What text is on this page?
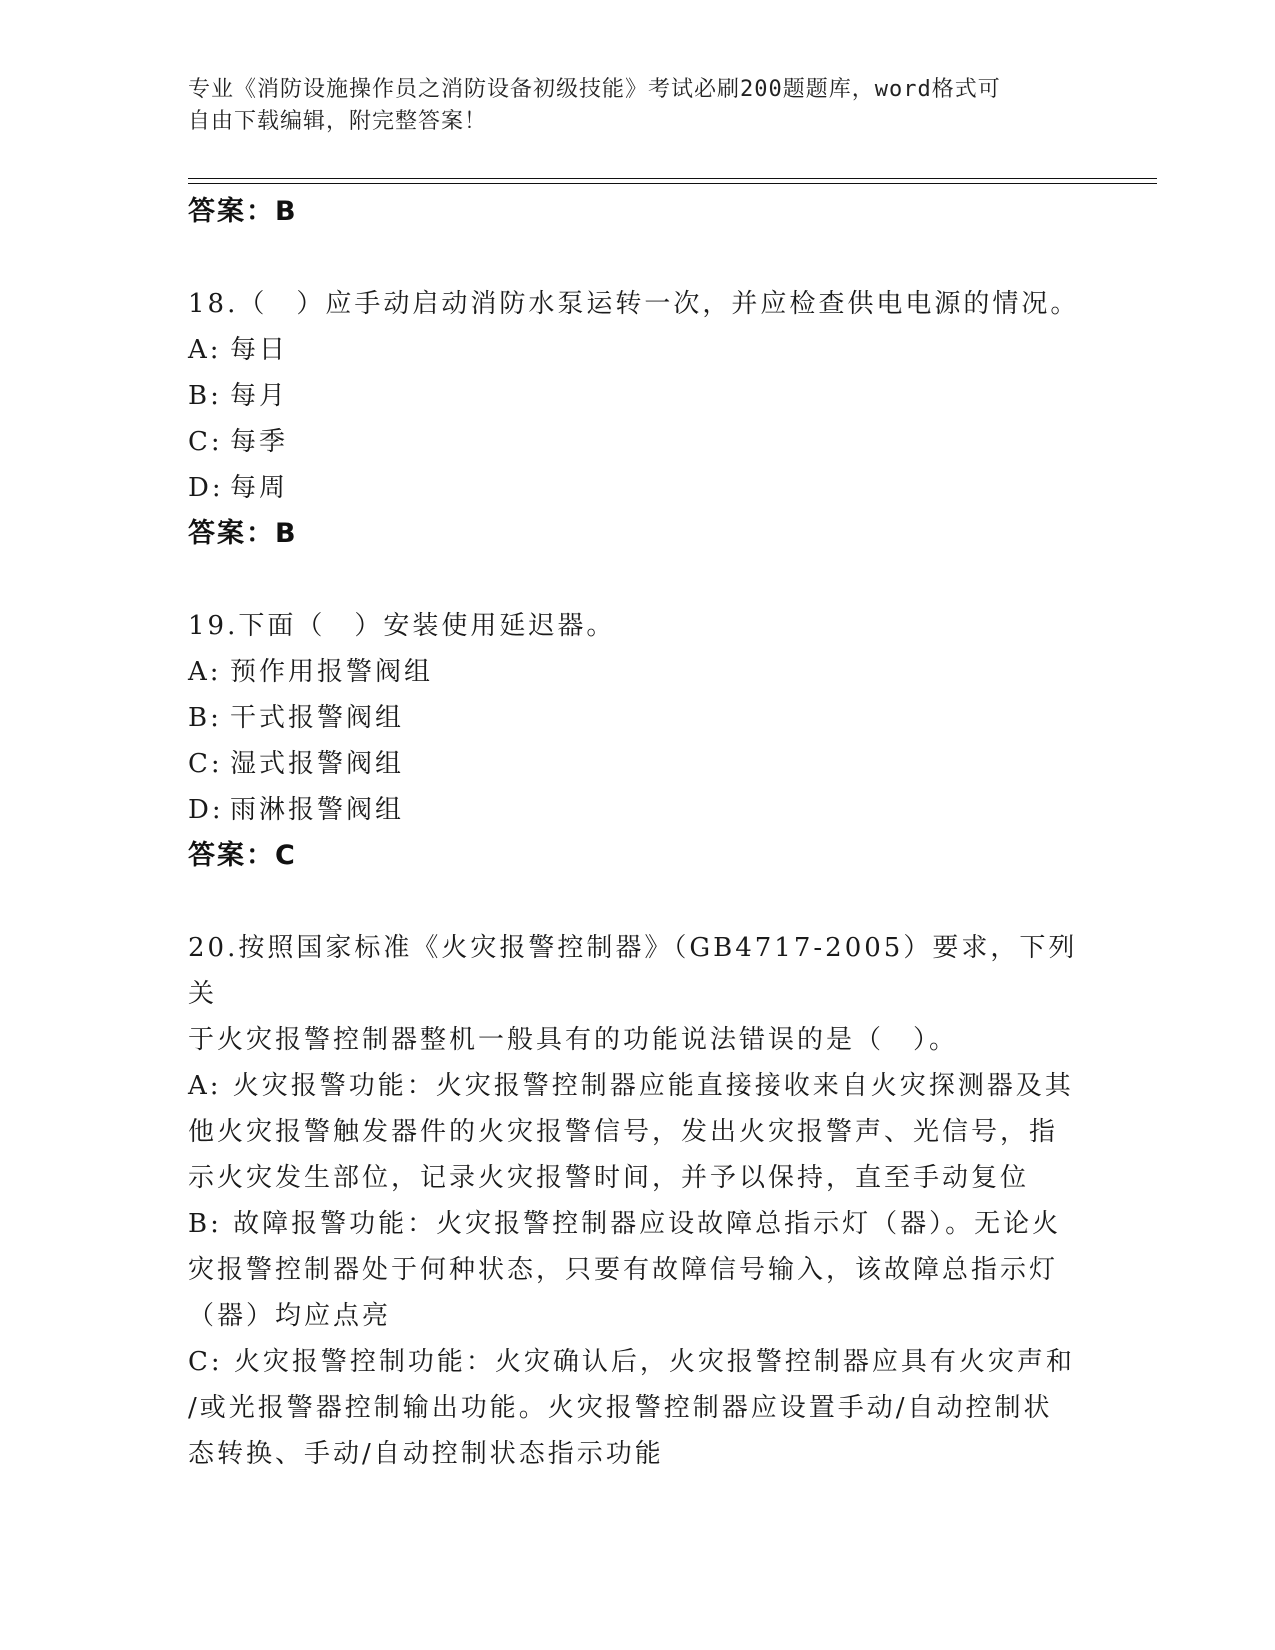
专业《消防设施操作员之消防设备初级技能》考试必刷200题题库，word格式可
自由下载编辑，附完整答案！
答案：B
18.（　）应手动启动消防水泵运转一次，并应检查供电电源的情况。
A: 每日
B: 每月
C: 每季
D: 每周
答案：B
19.下面（　）安装使用延迟器。
A: 预作用报警阀组
B: 干式报警阀组
C: 湿式报警阀组
D: 雨淋报警阀组
答案：C
20.按照国家标准《火灾报警控制器》（GB4717-2005）要求，下列关
于火灾报警控制器整机一般具有的功能说法错误的是（　）。
A: 火灾报警功能：火灾报警控制器应能直接接收来自火灾探测器及其
他火灾报警触发器件的火灾报警信号，发出火灾报警声、光信号，指
示火灾发生部位，记录火灾报警时间，并予以保持，直至手动复位
B: 故障报警功能：火灾报警控制器应设故障总指示灯（器）。无论火
灾报警控制器处于何种状态，只要有故障信号输入，该故障总指示灯
（器）均应点亮
C: 火灾报警控制功能：火灾确认后，火灾报警控制器应具有火灾声和
/或光报警器控制输出功能。火灾报警控制器应设置手动/自动控制状
态转换、手动/自动控制状态指示功能
